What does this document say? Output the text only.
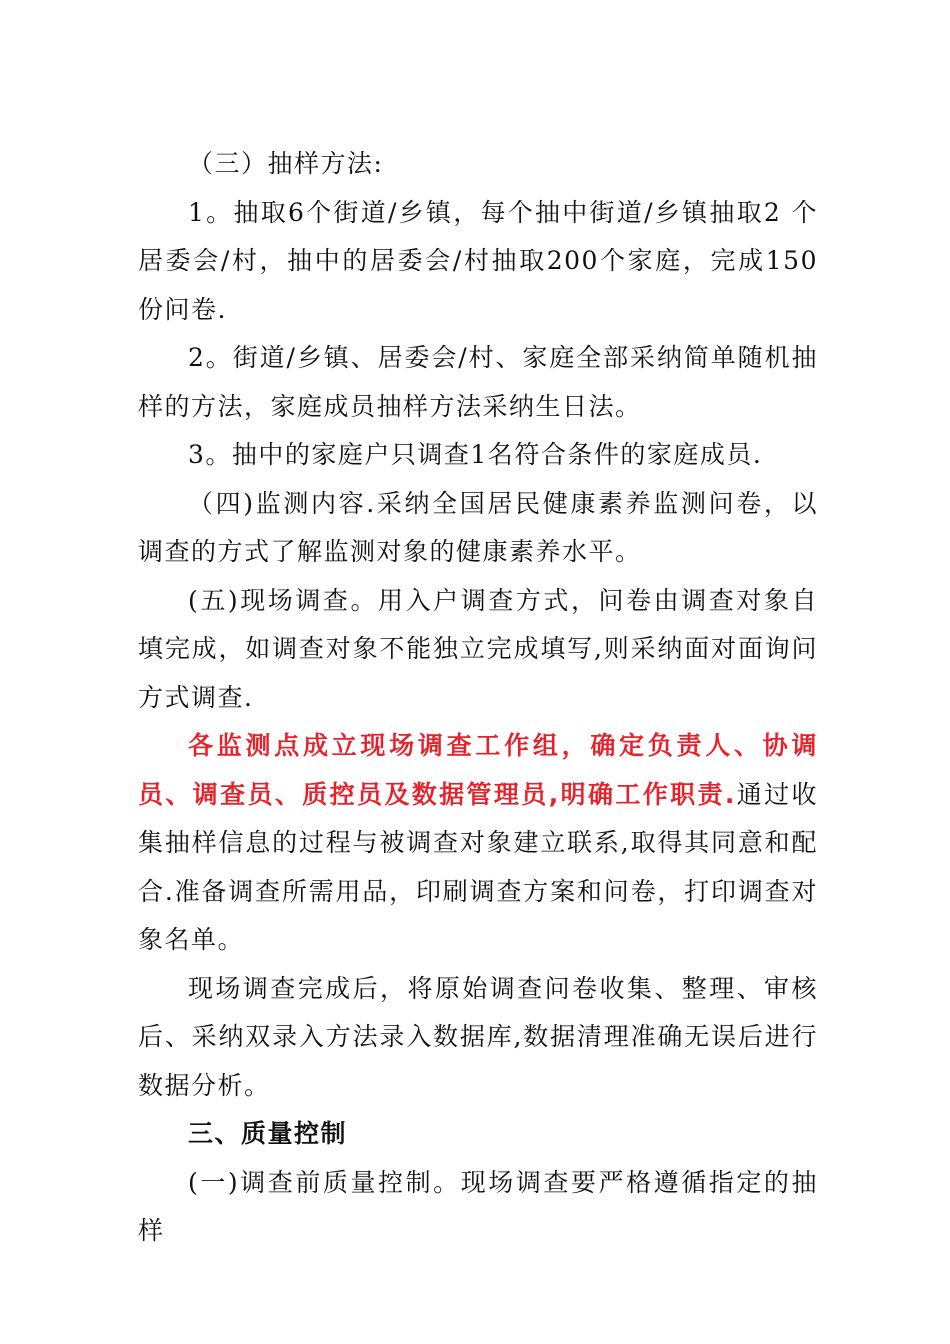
（三）抽样方法:

1。抽取6个街道/乡镇，每个抽中街道/乡镇抽取2 个居委会/村，抽中的居委会/村抽取200个家庭，完成150份问卷.

2。街道/乡镇、居委会/村、家庭全部采纳简单随机抽样的方法，家庭成员抽样方法采纳生日法。

3。抽中的家庭户只调查1名符合条件的家庭成员.

（四)监测内容.采纳全国居民健康素养监测问卷，以调查的方式了解监测对象的健康素养水平。

(五)现场调查。用入户调查方式，问卷由调查对象自填完成，如调查对象不能独立完成填写,则采纳面对面询问方式调查.

各监测点成立现场调查工作组，确定负责人、协调员、调查员、质控员及数据管理员,明确工作职责.通过收集抽样信息的过程与被调查对象建立联系,取得其同意和配合.准备调查所需用品，印刷调查方案和问卷，打印调查对象名单。

现场调查完成后，将原始调查问卷收集、整理、审核后、采纳双录入方法录入数据库,数据清理准确无误后进行数据分析。

三、质量控制

(一)调查前质量控制。现场调查要严格遵循指定的抽样
